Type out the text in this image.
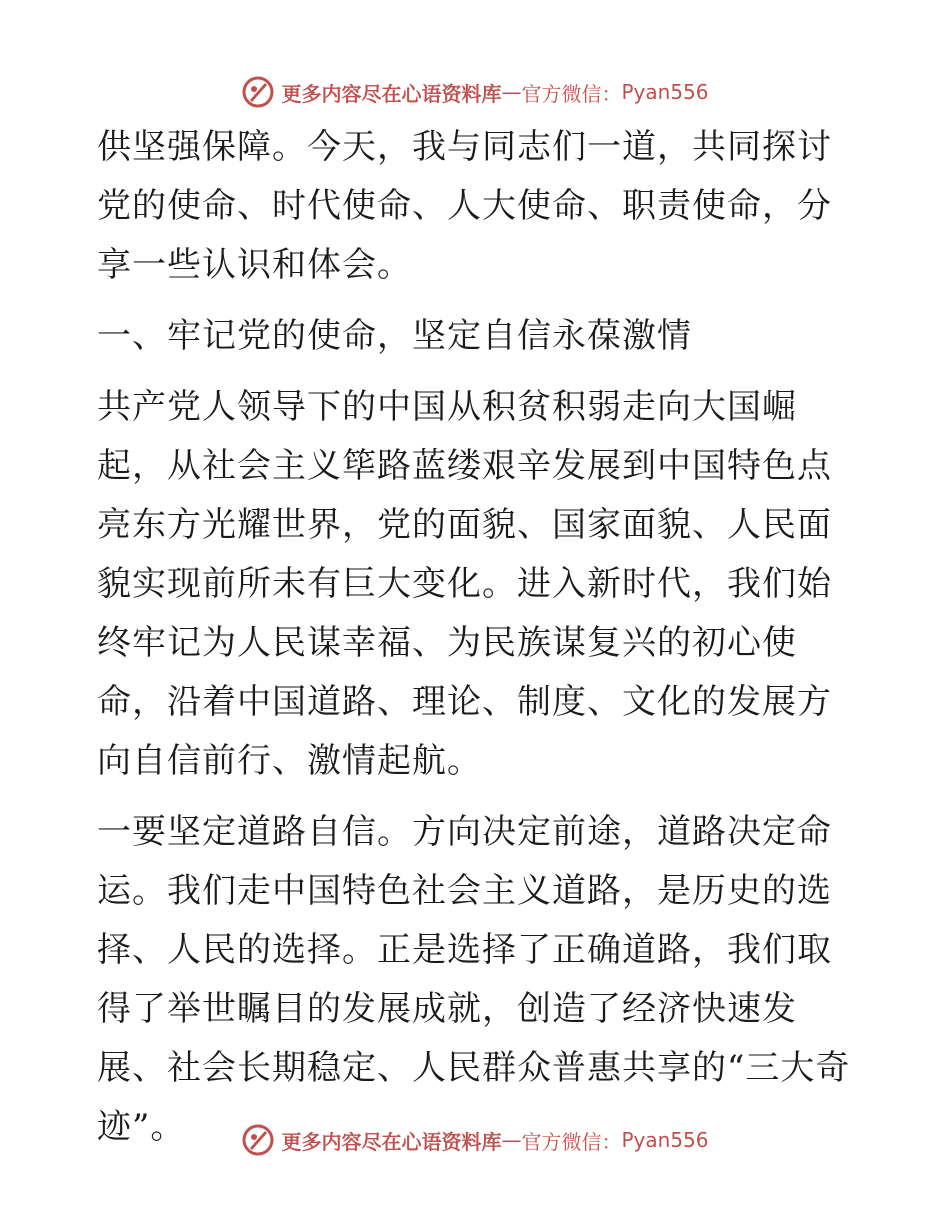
更多内容尽在心语资料库 — 官方微信： Pyan556

供坚强保障。今天，我与同志们一道，共同探讨党的使命、时代使命、人大使命、职责使命，分享一些认识和体会。

一、牢记党的使命，坚定自信永葆激情

共产党人领导下的中国从积贫积弱走向大国崛起，从社会主义筚路蓝缕艰辛发展到中国特色点亮东方光耀世界，党的面貌、国家面貌、人民面貌实现前所未有巨大变化。进入新时代，我们始终牢记为人民谋幸福、为民族谋复兴的初心使命，沿着中国道路、理论、制度、文化的发展方向自信前行、激情起航。

一要坚定道路自信。方向决定前途，道路决定命运。我们走中国特色社会主义道路，是历史的选择、人民的选择。正是选择了正确道路，我们取得了举世瞩目的发展成就，创造了经济快速发展、社会长期稳定、人民群众普惠共享的“三大奇迹”。	更多内容尽在心语资料库 — 官方微信： Pyan556
